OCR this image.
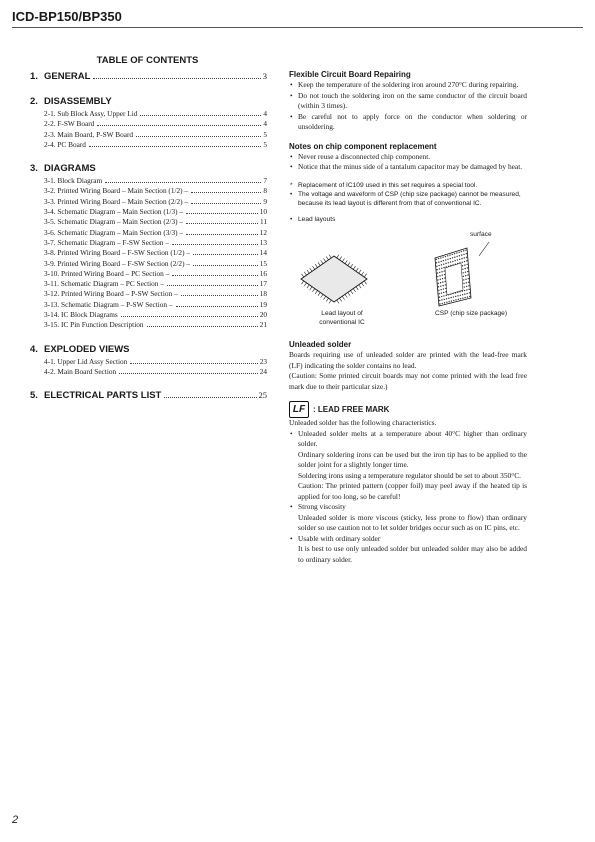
ICD-BP150/BP350
TABLE OF CONTENTS
1. GENERAL	3
2. DISASSEMBLY
2-1. Sub Block Assy, Upper Lid	4
2-2. F-SW Board	4
2-3. Main Board, P-SW Board	5
2-4. PC Board	5
3. DIAGRAMS
3-1. Block Diagram	7
3-2. Printed Wiring Board – Main Section (1/2) –	8
3-3. Printed Wiring Board – Main Section (2/2) –	9
3-4. Schematic Diagram – Main Section (1/3) –	10
3-5. Schematic Diagram – Main Section (2/3) –	11
3-6. Schematic Diagram – Main Section (3/3) –	12
3-7. Schematic Diagram – F-SW Section –	13
3-8. Printed Wiring Board – F-SW Section (1/2) –	14
3-9. Printed Wiring Board – F-SW Section (2/2) –	15
3-10. Printed Wiring Board – PC Section –	16
3-11. Schematic Diagram – PC Section –	17
3-12. Printed Wiring Board – P-SW Section –	18
3-13. Schematic Diagram – P-SW Section –	19
3-14. IC Block Diagrams	20
3-15. IC Pin Function Description	21
4. EXPLODED VIEWS
4-1. Upper Lid Assy Section	23
4-2. Main Board Section	24
5. ELECTRICAL PARTS LIST	25
Flexible Circuit Board Repairing
• Keep the temperature of the soldering iron around 270°C during repairing.
• Do not touch the soldering iron on the same conductor of the circuit board (within 3 times).
• Be careful not to apply force on the conductor when soldering or unsoldering.
Notes on chip component replacement
• Never reuse a disconnected chip component.
• Notice that the minus side of a tantalum capacitor may be damaged by heat.
* Replacement of IC109 used in this set requires a special tool.
• The voltage and waveform of CSP (chip size package) cannot be measured, because its lead layout is different from that of conventional IC.
• Lead layouts
surface
Lead layout of
conventional IC
CSP (chip size package)
Unleaded solder
Boards requiring use of unleaded solder are printed with the lead-free mark (LF) indicating the solder contains no lead.
(Caution: Some printed circuit boards may not come printed with the lead free mark due to their particular size.)
LF : LEAD FREE MARK
Unleaded solder has the following characteristics.
• Unleaded solder melts at a temperature about 40°C higher than ordinary solder.
Ordinary soldering irons can be used but the iron tip has to be applied to the solder joint for a slightly longer time.
Soldering irons using a temperature regulator should be set to about 350°C.
Caution: The printed pattern (copper foil) may peel away if the heated tip is applied for too long, so be careful!
• Strong viscosity
Unleaded solder is more viscous (sticky, less prone to flow) than ordinary solder so use caution not to let solder bridges occur such as on IC pins, etc.
• Usable with ordinary solder
It is best to use only unleaded solder but unleaded solder may also be added to ordinary solder.
2
